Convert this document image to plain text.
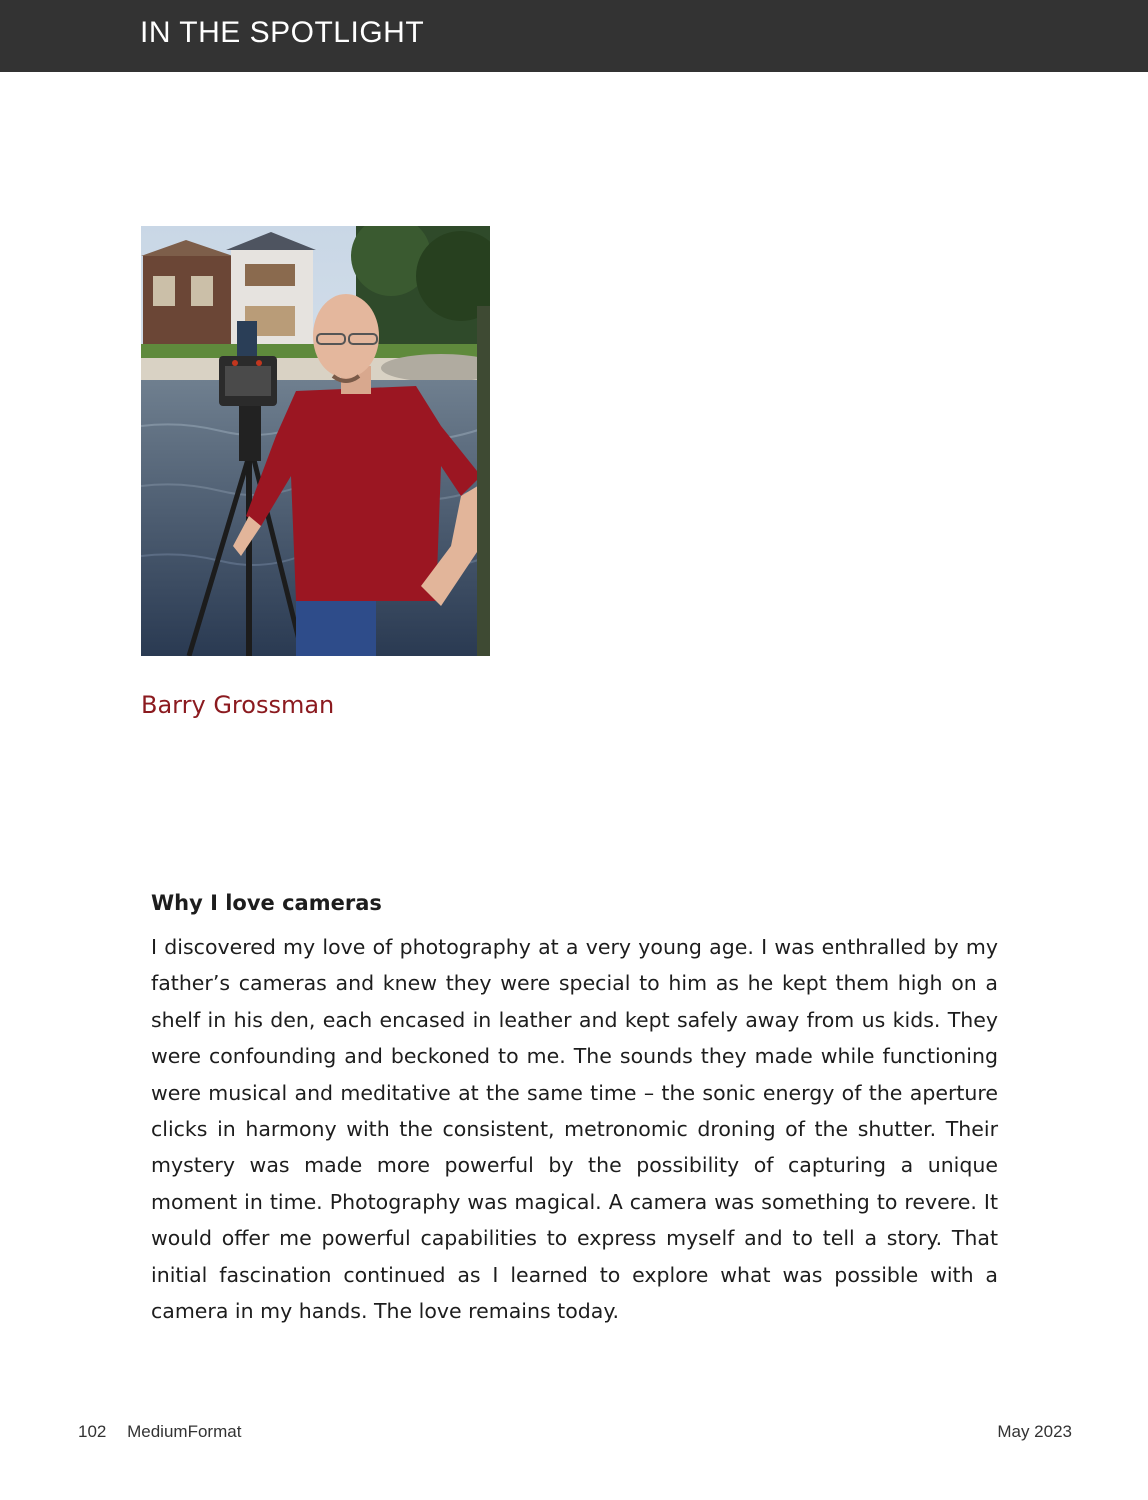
IN THE SPOTLIGHT
Barry Grossman
Why I love cameras

I discovered my love of photography at a very young age. I was enthralled by my father’s cameras and knew they were special to him as he kept them high on a shelf in his den, each encased in leather and kept safely away from us kids. They were confounding and beckoned to me. The sounds they made while functioning were musical and meditative at the same time – the sonic energy of the aperture clicks in harmony with the consistent, metronomic droning of the shutter. Their mystery was made more powerful by the possibility of capturing a unique moment in time. Photography was magical. A camera was something to revere. It would offer me powerful capabilities to express myself and to tell a story. That initial fascination continued as I learned to explore what was possible with a camera in my hands. The love remains today.

102 MediumFormat	May 2023
